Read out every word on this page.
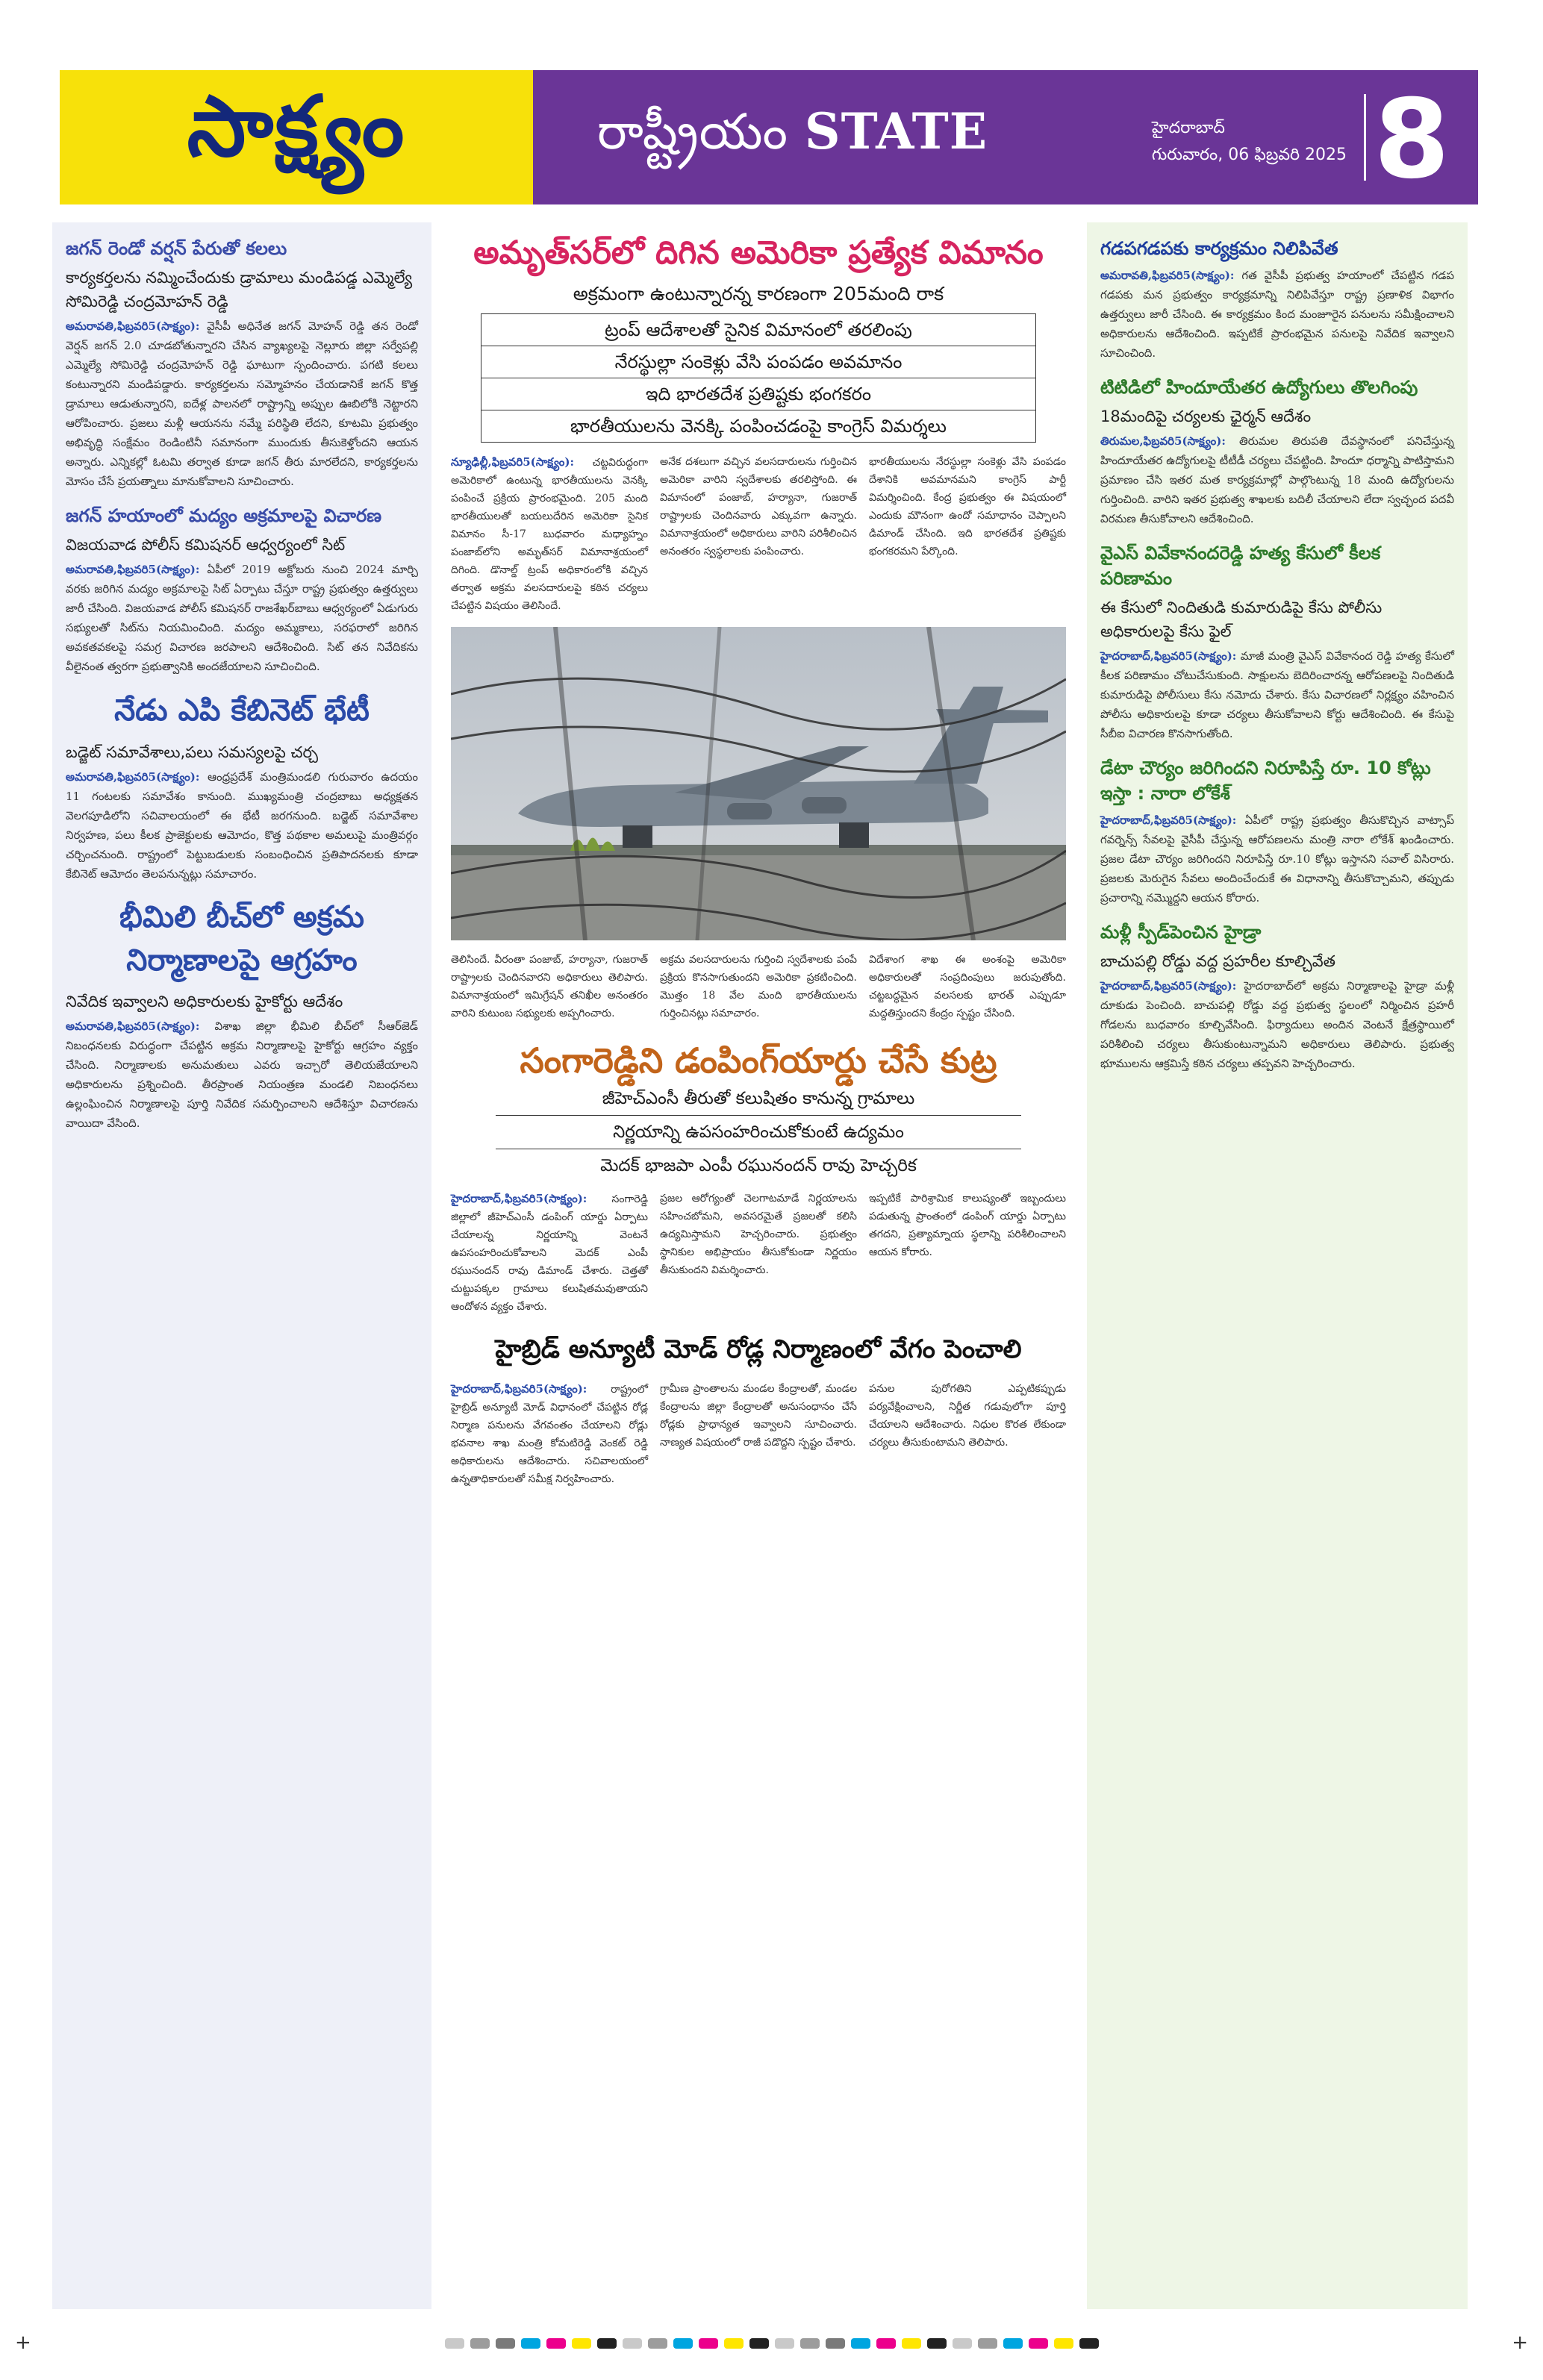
సాక్ష్యం	రాష్ట్రీయం STATE	హైదరాబాద్
గురువారం, 06 ఫిబ్రవరి 2025 8
జగన్ రెండో వర్షన్ పేరుతో కలలు
కార్యకర్తలను నమ్మించేందుకు డ్రామాలు మండిపడ్డ ఎమ్మెల్యే సోమిరెడ్డి చంద్రమోహన్ రెడ్డి

అమరావతి,ఫిబ్రవరి5(సాక్ష్యం): వైసీపీ అధినేత జగన్ మోహన్ రెడ్డి తన రెండో వెర్షన్ జగన్ 2.0 చూడబోతున్నారని చేసిన వ్యాఖ్యలపై నెల్లూరు జిల్లా సర్వేపల్లి ఎమ్మెల్యే సోమిరెడ్డి చంద్రమోహన్ రెడ్డి ఘాటుగా స్పందించారు. పగటి కలలు కంటున్నారని మండిపడ్డారు. కార్యకర్తలను సమ్మోహనం చేయడానికే జగన్ కొత్త డ్రామాలు ఆడుతున్నారని, ఐదేళ్ల పాలనలో రాష్ట్రాన్ని అప్పుల ఊబిలోకి నెట్టారని ఆరోపించారు. ప్రజలు మళ్లీ ఆయనను నమ్మే పరిస్థితి లేదని, కూటమి ప్రభుత్వం అభివృద్ధి సంక్షేమం రెండింటినీ సమానంగా ముందుకు తీసుకెళ్తోందని ఆయన అన్నారు. ఎన్నికల్లో ఓటమి తర్వాత కూడా జగన్ తీరు మారలేదని, కార్యకర్తలను మోసం చేసే ప్రయత్నాలు మానుకోవాలని సూచించారు.

జగన్ హయాంలో మద్యం అక్రమాలపై విచారణ
విజయవాడ పోలీస్ కమిషనర్ ఆధ్వర్యంలో సిట్

అమరావతి,ఫిబ్రవరి5(సాక్ష్యం): ఏపీలో 2019 అక్టోబరు నుంచి 2024 మార్చి వరకు జరిగిన మద్యం అక్రమాలపై సిట్ ఏర్పాటు చేస్తూ రాష్ట్ర ప్రభుత్వం ఉత్తర్వులు జారీ చేసింది. విజయవాడ పోలీస్ కమిషనర్ రాజశేఖర్‌బాబు ఆధ్వర్యంలో ఏడుగురు సభ్యులతో సిట్‌ను నియమించింది. మద్యం అమ్మకాలు, సరఫరాలో జరిగిన అవకతవకలపై సమగ్ర విచారణ జరపాలని ఆదేశించింది. సిట్ తన నివేదికను వీలైనంత త్వరగా ప్రభుత్వానికి అందజేయాలని సూచించింది.

నేడు ఎపి కేబినెట్ భేటీ
బడ్జెట్ సమావేశాలు,పలు సమస్యలపై చర్చ

అమరావతి,ఫిబ్రవరి5(సాక్ష్యం): ఆంధ్రప్రదేశ్ మంత్రిమండలి గురువారం ఉదయం 11 గంటలకు సమావేశం కానుంది. ముఖ్యమంత్రి చంద్రబాబు అధ్యక్షతన వెలగపూడిలోని సచివాలయంలో ఈ భేటీ జరగనుంది. బడ్జెట్ సమావేశాల నిర్వహణ, పలు కీలక ప్రాజెక్టులకు ఆమోదం, కొత్త పథకాల అమలుపై మంత్రివర్గం చర్చించనుంది. రాష్ట్రంలో పెట్టుబడులకు సంబంధించిన ప్రతిపాదనలకు కూడా కేబినెట్ ఆమోదం తెలపనున్నట్లు సమాచారం.

భీమిలి బీచ్‌లో అక్రమ నిర్మాణాలపై ఆగ్రహం
నివేదిక ఇవ్వాలని అధికారులకు హైకోర్టు ఆదేశం

అమరావతి,ఫిబ్రవరి5(సాక్ష్యం): విశాఖ జిల్లా భీమిలి బీచ్‌లో సీఆర్‌జెడ్ నిబంధనలకు విరుద్ధంగా చేపట్టిన అక్రమ నిర్మాణాలపై హైకోర్టు ఆగ్రహం వ్యక్తం చేసింది. నిర్మాణాలకు అనుమతులు ఎవరు ఇచ్చారో తెలియజేయాలని అధికారులను ప్రశ్నించింది. తీరప్రాంత నియంత్రణ మండలి నిబంధనలు ఉల్లంఘించిన నిర్మాణాలపై పూర్తి నివేదిక సమర్పించాలని ఆదేశిస్తూ విచారణను వాయిదా వేసింది.

అమృత్‌సర్‌లో దిగిన అమెరికా ప్రత్యేక విమానం
అక్రమంగా ఉంటున్నారన్న కారణంగా 205మంది రాక
ట్రంప్ ఆదేశాలతో సైనిక విమానంలో తరలింపు
నేరస్థుల్లా సంకెళ్లు వేసి పంపడం అవమానం
ఇది భారతదేశ ప్రతిష్టకు భంగకరం
భారతీయులను వెనక్కి పంపించడంపై కాంగ్రెస్ విమర్శలు

న్యూఢిల్లీ,ఫిబ్రవరి5(సాక్ష్యం): చట్టవిరుద్ధంగా అమెరికాలో ఉంటున్న భారతీయులను వెనక్కి పంపించే ప్రక్రియ ప్రారంభమైంది. 205 మంది భారతీయులతో బయలుదేరిన అమెరికా సైనిక విమానం సీ-17 బుధవారం మధ్యాహ్నం పంజాబ్‌లోని అమృత్‌సర్ విమానాశ్రయంలో దిగింది. డొనాల్డ్ ట్రంప్ అధికారంలోకి వచ్చిన తర్వాత అక్రమ వలసదారులపై కఠిన చర్యలు చేపట్టిన విషయం తెలిసిందే.

అనేక దశలుగా వచ్చిన వలసదారులను గుర్తించిన అమెరికా వారిని స్వదేశాలకు తరలిస్తోంది. ఈ విమానంలో పంజాబ్, హర్యానా, గుజరాత్ రాష్ట్రాలకు చెందినవారు ఎక్కువగా ఉన్నారు. విమానాశ్రయంలో అధికారులు వారిని పరిశీలించిన అనంతరం స్వస్థలాలకు పంపించారు.

భారతీయులను నేరస్థుల్లా సంకెళ్లు వేసి పంపడం దేశానికి అవమానమని కాంగ్రెస్ పార్టీ విమర్శించింది. కేంద్ర ప్రభుత్వం ఈ విషయంలో ఎందుకు మౌనంగా ఉందో సమాధానం చెప్పాలని డిమాండ్ చేసింది. ఇది భారతదేశ ప్రతిష్టకు భంగకరమని పేర్కొంది.

తెలిసిందే. వీరంతా పంజాబ్, హర్యానా, గుజరాత్ రాష్ట్రాలకు చెందినవారని అధికారులు తెలిపారు. విమానాశ్రయంలో ఇమిగ్రేషన్ తనిఖీల అనంతరం వారిని కుటుంబ సభ్యులకు అప్పగించారు.

అక్రమ వలసదారులను గుర్తించి స్వదేశాలకు పంపే ప్రక్రియ కొనసాగుతుందని అమెరికా ప్రకటించింది. మొత్తం 18 వేల మంది భారతీయులను గుర్తించినట్లు సమాచారం.

విదేశాంగ శాఖ ఈ అంశంపై అమెరికా అధికారులతో సంప్రదింపులు జరుపుతోంది. చట్టబద్ధమైన వలసలకు భారత్ ఎప్పుడూ మద్దతిస్తుందని కేంద్రం స్పష్టం చేసింది.

సంగారెడ్డిని డంపింగ్‌యార్డు చేసే కుట్ర
జీహెచ్‌ఎంసీ తీరుతో కలుషితం కానున్న గ్రామాలు
నిర్ణయాన్ని ఉపసంహరించుకోకుంటే ఉద్యమం
మెదక్ భాజపా ఎంపీ రఘునందన్ రావు హెచ్చరిక

హైదరాబాద్,ఫిబ్రవరి5(సాక్ష్యం): సంగారెడ్డి జిల్లాలో జీహెచ్‌ఎంసీ డంపింగ్ యార్డు ఏర్పాటు చేయాలన్న నిర్ణయాన్ని వెంటనే ఉపసంహరించుకోవాలని మెదక్ ఎంపీ రఘునందన్ రావు డిమాండ్ చేశారు. చెత్తతో చుట్టుపక్కల గ్రామాలు కలుషితమవుతాయని ఆందోళన వ్యక్తం చేశారు.

ప్రజల ఆరోగ్యంతో చెలగాటమాడే నిర్ణయాలను సహించబోమని, అవసరమైతే ప్రజలతో కలిసి ఉద్యమిస్తామని హెచ్చరించారు. ప్రభుత్వం స్థానికుల అభిప్రాయం తీసుకోకుండా నిర్ణయం తీసుకుందని విమర్శించారు.

ఇప్పటికే పారిశ్రామిక కాలుష్యంతో ఇబ్బందులు పడుతున్న ప్రాంతంలో డంపింగ్ యార్డు ఏర్పాటు తగదని, ప్రత్యామ్నాయ స్థలాన్ని పరిశీలించాలని ఆయన కోరారు.

హైబ్రిడ్ అన్యూటీ మోడ్ రోడ్ల నిర్మాణంలో వేగం పెంచాలి

హైదరాబాద్,ఫిబ్రవరి5(సాక్ష్యం): రాష్ట్రంలో హైబ్రిడ్ అన్యూటీ మోడ్ విధానంలో చేపట్టిన రోడ్ల నిర్మాణ పనులను వేగవంతం చేయాలని రోడ్లు భవనాల శాఖ మంత్రి కోమటిరెడ్డి వెంకట్ రెడ్డి అధికారులను ఆదేశించారు. సచివాలయంలో ఉన్నతాధికారులతో సమీక్ష నిర్వహించారు.

గ్రామీణ ప్రాంతాలను మండల కేంద్రాలతో, మండల కేంద్రాలను జిల్లా కేంద్రాలతో అనుసంధానం చేసే రోడ్లకు ప్రాధాన్యత ఇవ్వాలని సూచించారు. నాణ్యత విషయంలో రాజీ పడొద్దని స్పష్టం చేశారు.

పనుల పురోగతిని ఎప్పటికప్పుడు పర్యవేక్షించాలని, నిర్ణీత గడువులోగా పూర్తి చేయాలని ఆదేశించారు. నిధుల కొరత లేకుండా చర్యలు తీసుకుంటామని తెలిపారు.

గడపగడపకు కార్యక్రమం నిలిపివేత

అమరావతి,ఫిబ్రవరి5(సాక్ష్యం): గత వైసీపీ ప్రభుత్వ హయాంలో చేపట్టిన గడప గడపకు మన ప్రభుత్వం కార్యక్రమాన్ని నిలిపివేస్తూ రాష్ట్ర ప్రణాళిక విభాగం ఉత్తర్వులు జారీ చేసింది. ఈ కార్యక్రమం కింద మంజూరైన పనులను సమీక్షించాలని అధికారులను ఆదేశించింది. ఇప్పటికే ప్రారంభమైన పనులపై నివేదిక ఇవ్వాలని సూచించింది.

టిటిడిలో హిందూయేతర ఉద్యోగులు తొలగింపు
18మందిపై చర్యలకు ఛైర్మన్ ఆదేశం

తిరుమల,ఫిబ్రవరి5(సాక్ష్యం): తిరుమల తిరుపతి దేవస్థానంలో పనిచేస్తున్న హిందూయేతర ఉద్యోగులపై టీటీడీ చర్యలు చేపట్టింది. హిందూ ధర్మాన్ని పాటిస్తామని ప్రమాణం చేసి ఇతర మత కార్యక్రమాల్లో పాల్గొంటున్న 18 మంది ఉద్యోగులను గుర్తించింది. వారిని ఇతర ప్రభుత్వ శాఖలకు బదిలీ చేయాలని లేదా స్వచ్ఛంద పదవీ విరమణ తీసుకోవాలని ఆదేశించింది.

వైఎస్ వివేకానందరెడ్డి హత్య కేసులో కీలక పరిణామం
ఈ కేసులో నిందితుడి కుమారుడిపై కేసు పోలీసు అధికారులపై కేసు ఫైల్

హైదరాబాద్,ఫిబ్రవరి5(సాక్ష్యం): మాజీ మంత్రి వైఎస్ వివేకానంద రెడ్డి హత్య కేసులో కీలక పరిణామం చోటుచేసుకుంది. సాక్షులను బెదిరించారన్న ఆరోపణలపై నిందితుడి కుమారుడిపై పోలీసులు కేసు నమోదు చేశారు. కేసు విచారణలో నిర్లక్ష్యం వహించిన పోలీసు అధికారులపై కూడా చర్యలు తీసుకోవాలని కోర్టు ఆదేశించింది. ఈ కేసుపై సీబీఐ విచారణ కొనసాగుతోంది.

డేటా చౌర్యం జరిగిందని నిరూపిస్తే రూ. 10 కోట్లు ఇస్తా : నారా లోకేశ్

హైదరాబాద్,ఫిబ్రవరి5(సాక్ష్యం): ఏపీలో రాష్ట్ర ప్రభుత్వం తీసుకొచ్చిన వాట్సాప్ గవర్నెన్స్ సేవలపై వైసీపీ చేస్తున్న ఆరోపణలను మంత్రి నారా లోకేశ్ ఖండించారు. ప్రజల డేటా చౌర్యం జరిగిందని నిరూపిస్తే రూ.10 కోట్లు ఇస్తానని సవాల్ విసిరారు. ప్రజలకు మెరుగైన సేవలు అందించేందుకే ఈ విధానాన్ని తీసుకొచ్చామని, తప్పుడు ప్రచారాన్ని నమ్మొద్దని ఆయన కోరారు.

మళ్లీ స్పీడ్‌పెంచిన హైడ్రా
బాచుపల్లి రోడ్డు వద్ద ప్రహరీల కూల్చివేత

హైదరాబాద్,ఫిబ్రవరి5(సాక్ష్యం): హైదరాబాద్‌లో అక్రమ నిర్మాణాలపై హైడ్రా మళ్లీ దూకుడు పెంచింది. బాచుపల్లి రోడ్డు వద్ద ప్రభుత్వ స్థలంలో నిర్మించిన ప్రహరీ గోడలను బుధవారం కూల్చివేసింది. ఫిర్యాదులు అందిన వెంటనే క్షేత్రస్థాయిలో పరిశీలించి చర్యలు తీసుకుంటున్నామని అధికారులు తెలిపారు. ప్రభుత్వ భూములను ఆక్రమిస్తే కఠిన చర్యలు తప్పవని హెచ్చరించారు.

+	+
